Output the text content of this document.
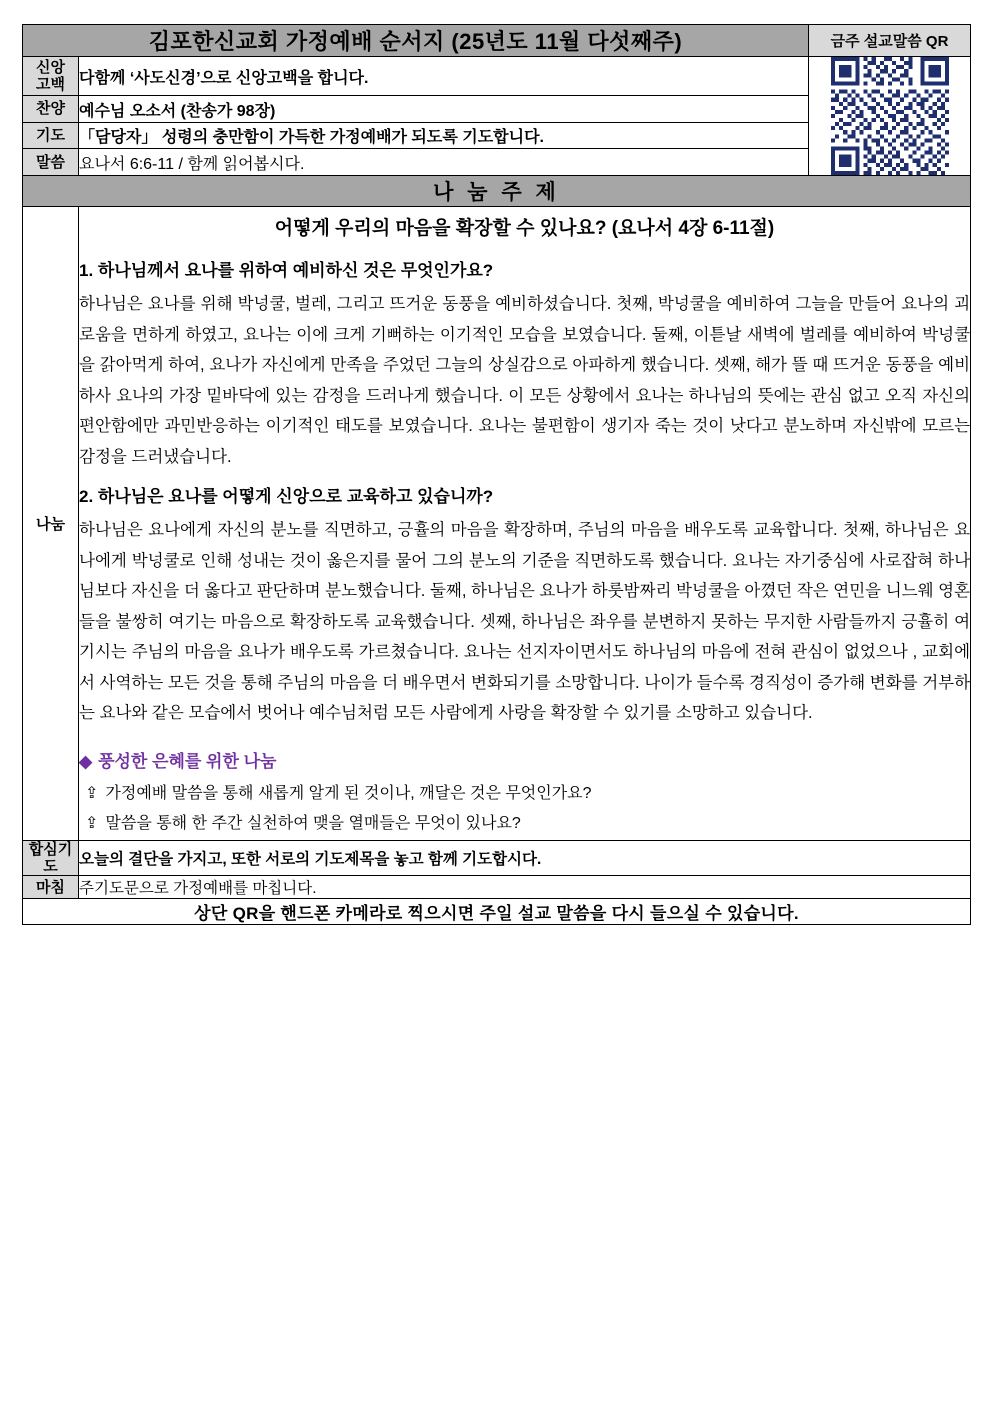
김포한신교회 가정예배 순서지 (25년도 11월 다섯째주)		금주 설교말씀 QR
신앙
고백	다함께 ‘사도신경’으로 신앙고백을 합니다.	

찬양	예수님 오소서 (찬송가 98장)	
기도	「담당자」 성령의 충만함이 가득한 가정예배가 되도록 기도합니다.	
말씀	요나서 6:6-11 / 함께 읽어봅시다.	
나 눔 주 제		
나눔	
어떻게 우리의 마음을 확장할 수 있나요? (요나서 4장 6-11절)
1. 하나님께서 요나를 위하여 예비하신 것은 무엇인가요?

하나님은 요나를 위해 박넝쿨, 벌레, 그리고 뜨거운 동풍을 예비하셨습니다. 첫째, 박넝쿨을 예비하여 그늘을 만들어 요나의 괴로움을 면하게 하였고, 요나는 이에 크게 기뻐하는 이기적인 모습을 보였습니다. 둘째, 이튿날 새벽에 벌레를 예비하여 박넝쿨을 갉아먹게 하여, 요나가 자신에게 만족을 주었던 그늘의 상실감으로 아파하게 했습니다. 셋째, 해가 뜰 때 뜨거운 동풍을 예비하사 요나의 가장 밑바닥에 있는 감정을 드러나게 했습니다. 이 모든 상황에서 요나는 하나님의 뜻에는 관심 없고 오직 자신의 편안함에만 과민반응하는 이기적인 태도를 보였습니다. 요나는 불편함이 생기자 죽는 것이 낫다고 분노하며 자신밖에 모르는 감정을 드러냈습니다.

2. 하나님은 요나를 어떻게 신앙으로 교육하고 있습니까?

하나님은 요나에게 자신의 분노를 직면하고, 긍휼의 마음을 확장하며, 주님의 마음을 배우도록 교육합니다. 첫째, 하나님은 요나에게 박넝쿨로 인해 성내는 것이 옳은지를 물어 그의 분노의 기준을 직면하도록 했습니다. 요나는 자기중심에 사로잡혀 하나님보다 자신을 더 옳다고 판단하며 분노했습니다. 둘째, 하나님은 요나가 하룻밤짜리 박넝쿨을 아꼈던 작은 연민을 니느웨 영혼들을 불쌍히 여기는 마음으로 확장하도록 교육했습니다. 셋째, 하나님은 좌우를 분변하지 못하는 무지한 사람들까지 긍휼히 여기시는 주님의 마음을 요나가 배우도록 가르쳤습니다. 요나는 선지자이면서도 하나님의 마음에 전혀 관심이 없었으나 , 교회에서 사역하는 모든 것을 통해 주님의 마음을 더 배우면서 변화되기를 소망합니다. 나이가 들수록 경직성이 증가해 변화를 거부하는 요나와 같은 모습에서 벗어나 예수님처럼 모든 사람에게 사랑을 확장할 수 있기를 소망하고 있습니다.

◆ 풍성한 은혜를 위한 나눔
⇪ 가정예배 말씀을 통해 새롭게 알게 된 것이나, 깨달은 것은 무엇인가요?
⇪ 말씀을 통해 한 주간 실천하여 맺을 열매들은 무엇이 있나요?

합심기도	오늘의 결단을 가지고, 또한 서로의 기도제목을 놓고 함께 기도합시다.	
마침	주기도문으로 가정예배를 마칩니다.	
상단 QR을 핸드폰 카메라로 찍으시면 주일 설교 말씀을 다시 들으실 수 있습니다.		
